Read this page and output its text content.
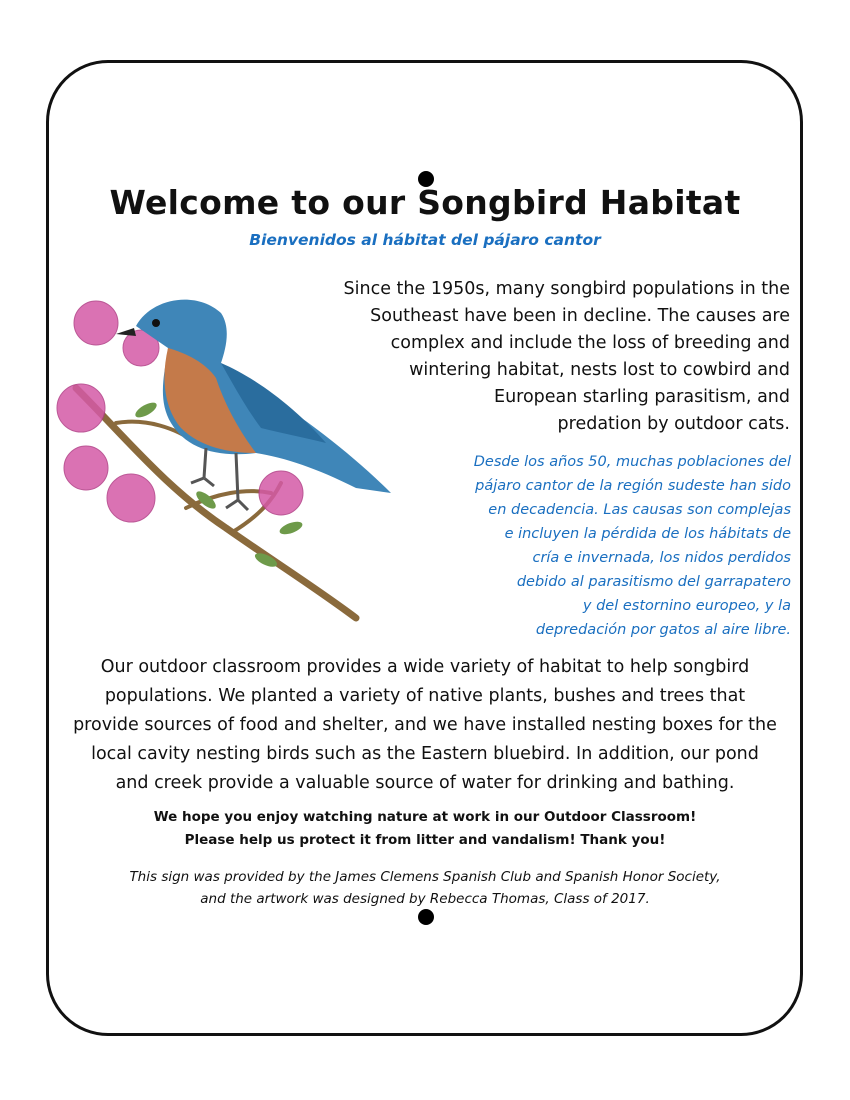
Welcome to our Songbird Habitat
Bienvenidos al hábitat del pájaro cantor
Since the 1950s, many songbird populations in the
Southeast have been in decline. The causes are
complex and include the loss of breeding and
wintering habitat, nests lost to cowbird and
European starling parasitism, and
predation by outdoor cats.
Desde los años 50, muchas poblaciones del
pájaro cantor de la región sudeste han sido
en decadencia. Las causas son complejas
e incluyen la pérdida de los hábitats de
cría e invernada, los nidos perdidos
debido al parasitismo del garrapatero
y del estornino europeo, y la
depredación por gatos al aire libre.
Our outdoor classroom provides a wide variety of habitat to help songbird
populations. We planted a variety of native plants, bushes and trees that
provide sources of food and shelter, and we have installed nesting boxes for the
local cavity nesting birds such as the Eastern bluebird. In addition, our pond
and creek provide a valuable source of water for drinking and bathing.
We hope you enjoy watching nature at work in our Outdoor Classroom!
Please help us protect it from litter and vandalism! Thank you!
This sign was provided by the James Clemens Spanish Club and Spanish Honor Society,
and the artwork was designed by Rebecca Thomas, Class of 2017.
